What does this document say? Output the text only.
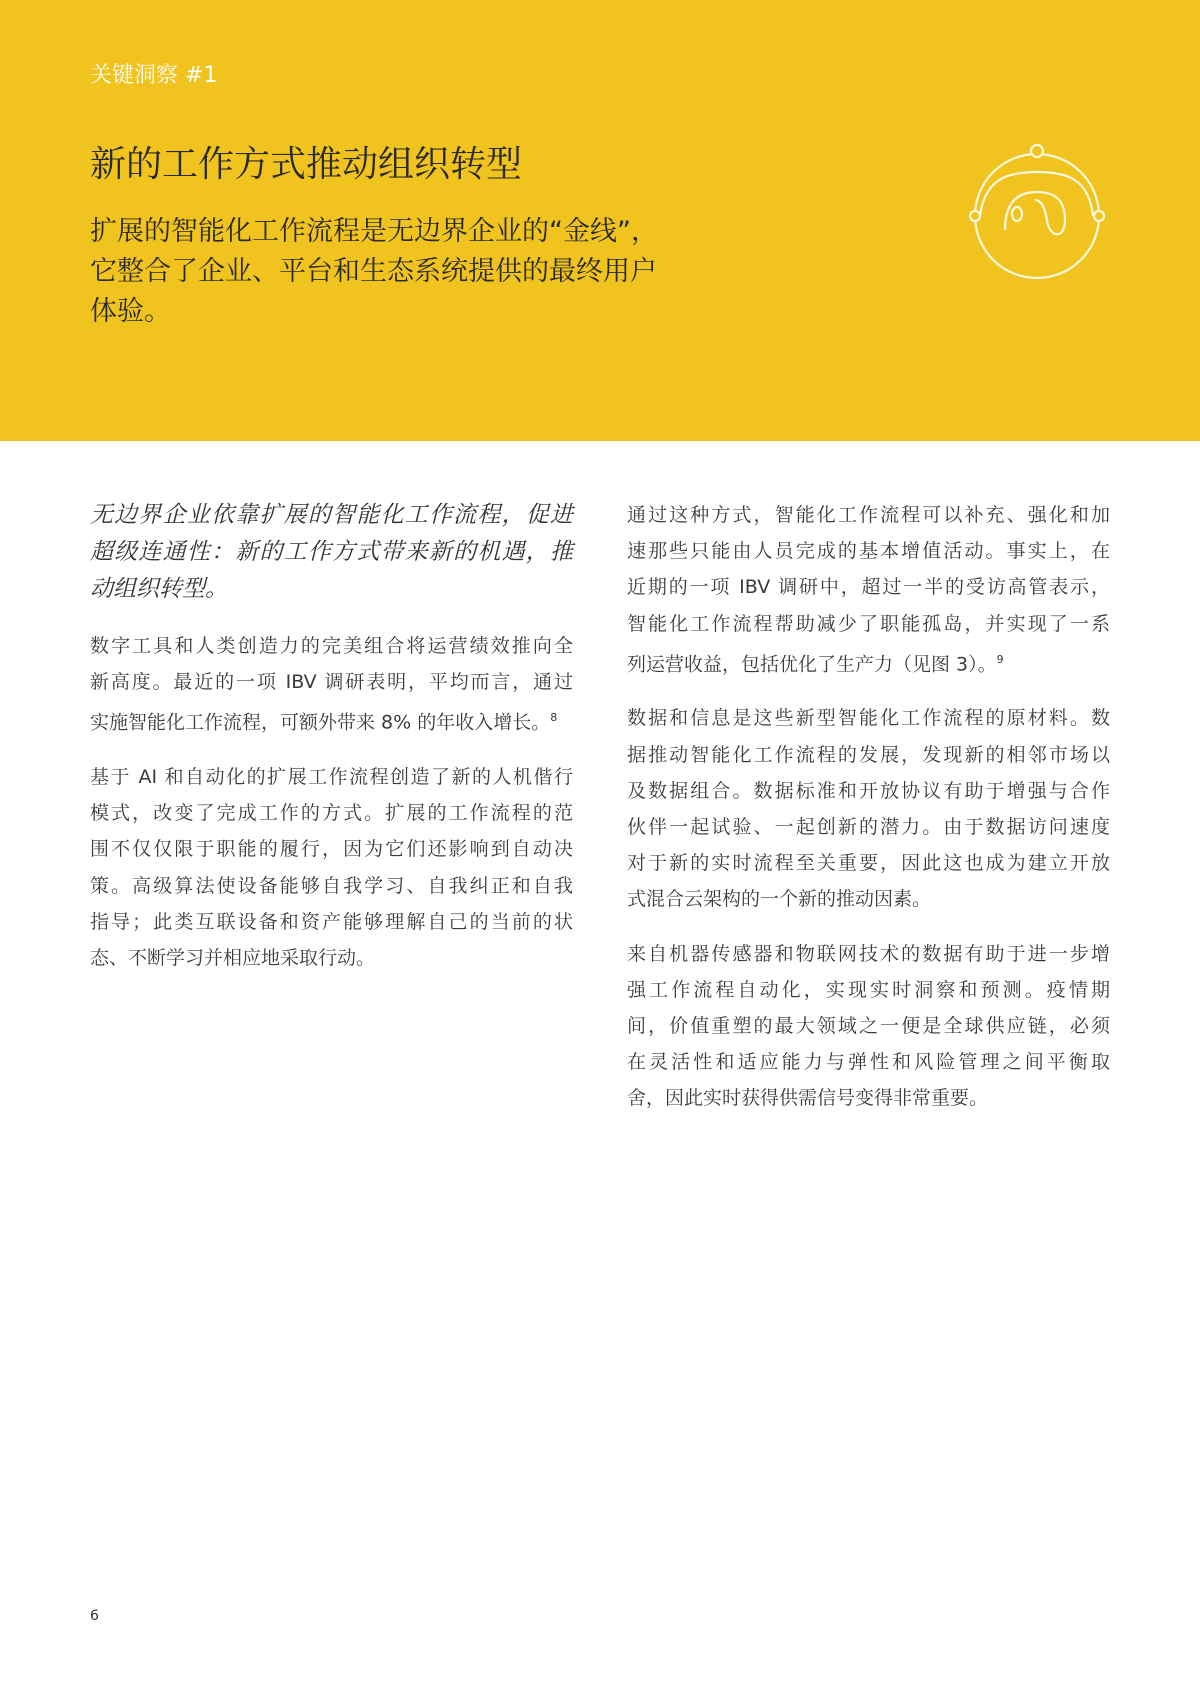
关键洞察 #1
新的工作方式推动组织转型
扩展的智能化工作流程是无边界企业的“金线”，
它整合了企业、平台和生态系统提供的最终用户
体验。
无边界企业依靠扩展的智能化工作流程，促进
超级连通性：新的工作方式带来新的机遇，推
动组织转型。
数字工具和人类创造力的完美组合将运营绩效推向全
新高度。最近的一项 IBV 调研表明，平均而言，通过
实施智能化工作流程，可额外带来 8% 的年收入增长。$^8$
基于 AI 和自动化的扩展工作流程创造了新的人机偕行
模式，改变了完成工作的方式。扩展的工作流程的范
围不仅仅限于职能的履行，因为它们还影响到自动决
策。高级算法使设备能够自我学习、自我纠正和自我
指导；此类互联设备和资产能够理解自己的当前的状
态、不断学习并相应地采取行动。
通过这种方式，智能化工作流程可以补充、强化和加
速那些只能由人员完成的基本增值活动。事实上，在
近期的一项 IBV 调研中，超过一半的受访高管表示，
智能化工作流程帮助减少了职能孤岛，并实现了一系
列运营收益，包括优化了生产力（见图 3）。$^9$
数据和信息是这些新型智能化工作流程的原材料。数
据推动智能化工作流程的发展，发现新的相邻市场以
及数据组合。数据标准和开放协议有助于增强与合作
伙伴一起试验、一起创新的潜力。由于数据访问速度
对于新的实时流程至关重要，因此这也成为建立开放
式混合云架构的一个新的推动因素。
来自机器传感器和物联网技术的数据有助于进一步增
强工作流程自动化，实现实时洞察和预测。疫情期
间，价值重塑的最大领域之一便是全球供应链，必须
在灵活性和适应能力与弹性和风险管理之间平衡取
舍，因此实时获得供需信号变得非常重要。
6
